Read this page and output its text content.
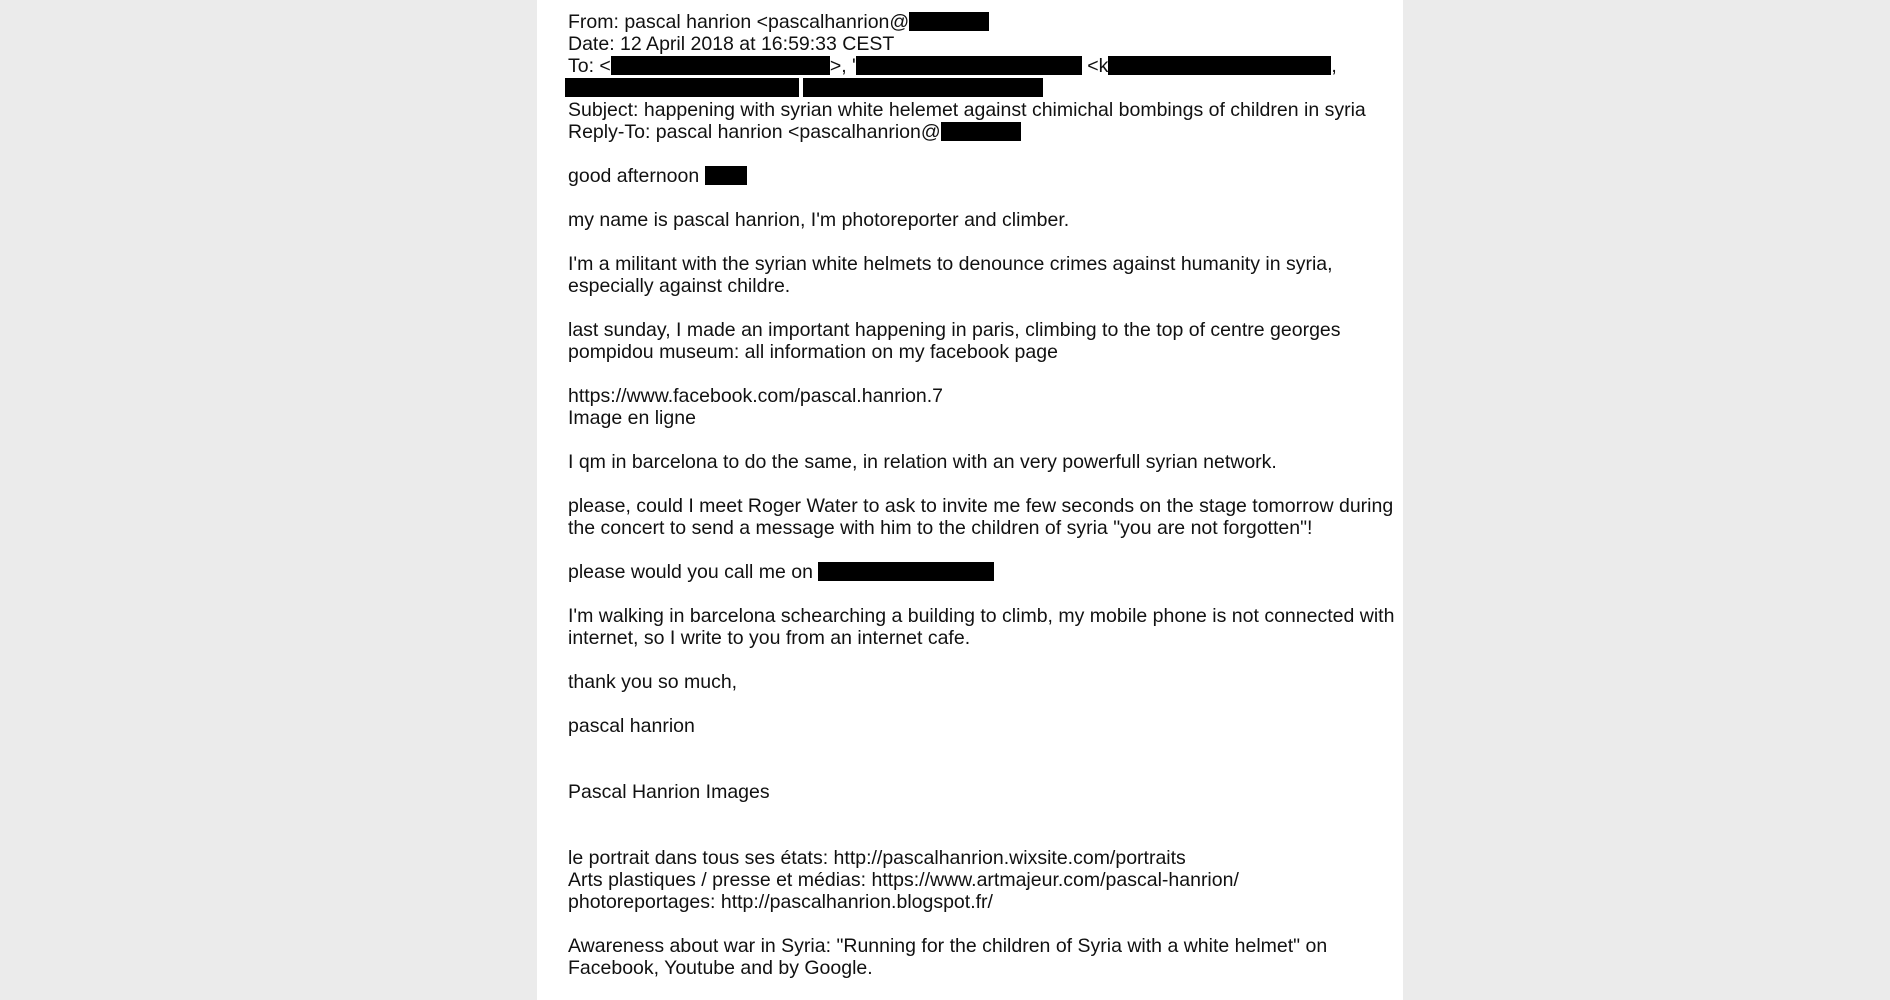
From: pascal hanrion <pascalhanrion@
Date: 12 April 2018 at 16:59:33 CEST
To: <	>, '	<k	,
Subject: happening with syrian white helemet against chimichal bombings of children in syria
Reply-To: pascal hanrion <pascalhanrion@
good afternoon
my name is pascal hanrion, I'm photoreporter and climber.
I'm a militant with the syrian white helmets to denounce crimes against humanity in syria,
especially against childre.
last sunday, I made an important happening in paris, climbing to the top of centre georges
pompidou museum: all information on my facebook page
https://www.facebook.com/pascal.hanrion.7
Image en ligne
I qm in barcelona to do the same, in relation with an very powerfull syrian network.
please, could I meet Roger Water to ask to invite me few seconds on the stage tomorrow during
the concert to send a message with him to the children of syria "you are not forgotten"!
please would you call me on
I'm walking in barcelona schearching a building to climb, my mobile phone is not connected with
internet, so I write to you from an internet cafe.
thank you so much,
pascal hanrion
Pascal Hanrion Images
le portrait dans tous ses états: http://pascalhanrion.wixsite.com/portraits
Arts plastiques / presse et médias: https://www.artmajeur.com/pascal-hanrion/
photoreportages: http://pascalhanrion.blogspot.fr/
Awareness about war in Syria: "Running for the children of Syria with a white helmet" on
Facebook, Youtube and by Google.
